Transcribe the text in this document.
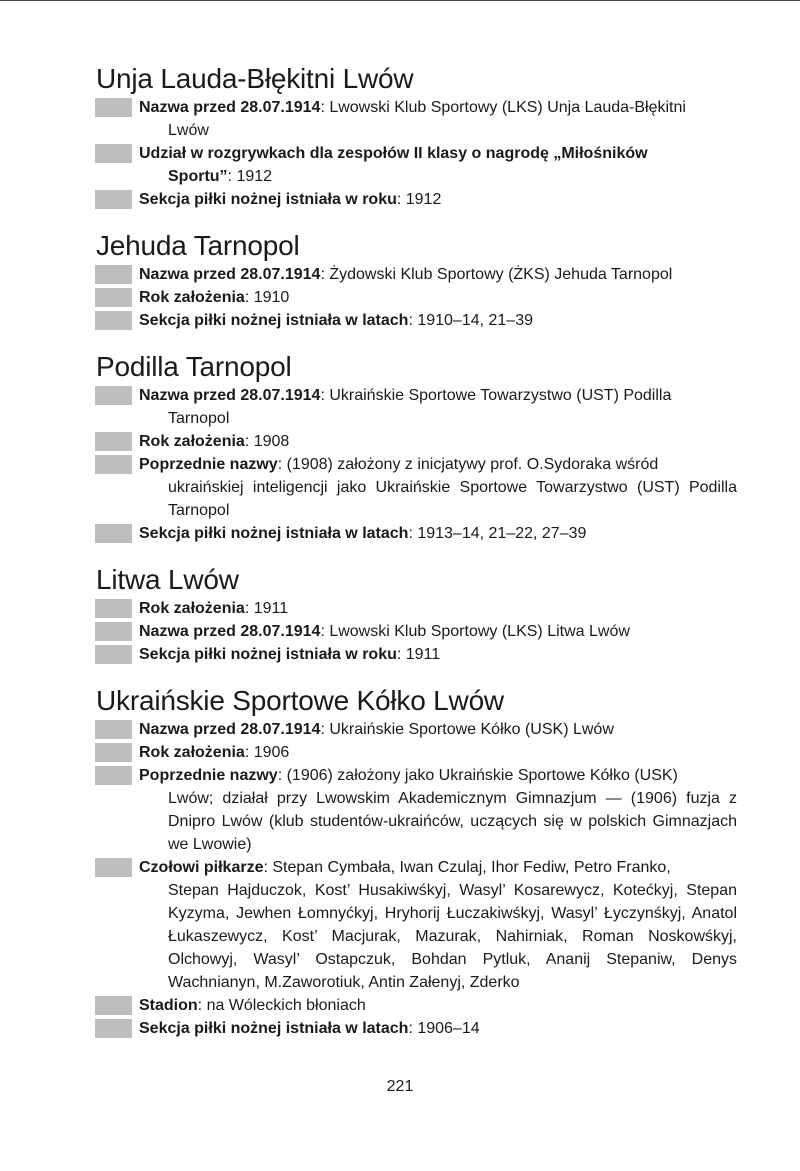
Unja Lauda-Błękitni Lwów
Nazwa przed 28.07.1914: Lwowski Klub Sportowy (LKS) Unja Lauda-Błękitni
Lwów
Udział w rozgrywkach dla zespołów II klasy o nagrodę „Miłośników
Sportu”: 1912
Sekcja piłki nożnej istniała w roku: 1912
Jehuda Tarnopol
Nazwa przed 28.07.1914: Żydowski Klub Sportowy (ŻKS) Jehuda Tarnopol
Rok założenia: 1910
Sekcja piłki nożnej istniała w latach: 1910–14, 21–39
Podilla Tarnopol
Nazwa przed 28.07.1914: Ukraińskie Sportowe Towarzystwo (UST) Podilla
Tarnopol
Rok założenia: 1908
Poprzednie nazwy: (1908) założony z inicjatywy prof. O.Sydoraka wśród
ukraińskiej inteligencji jako Ukraińskie Sportowe Towarzystwo (UST) Podilla Tarnopol
Sekcja piłki nożnej istniała w latach: 1913–14, 21–22, 27–39
Litwa Lwów
Rok założenia: 1911
Nazwa przed 28.07.1914: Lwowski Klub Sportowy (LKS) Litwa Lwów
Sekcja piłki nożnej istniała w roku: 1911
Ukraińskie Sportowe Kółko Lwów
Nazwa przed 28.07.1914: Ukraińskie Sportowe Kółko (USK) Lwów
Rok założenia: 1906
Poprzednie nazwy: (1906) założony jako Ukraińskie Sportowe Kółko (USK)
Lwów; działał przy Lwowskim Akademicznym Gimnazjum — (1906) fuzja z Dnipro Lwów (klub studentów-ukraińców, uczących się w polskich Gimnazjach we Lwowie)
Czołowi piłkarze: Stepan Cymbała, Iwan Czulaj, Ihor Fediw, Petro Franko,
Stepan Hajduczok, Kost’ Husakiwśkyj, Wasyl’ Kosarewycz, Kotećkyj, Stepan Kyzyma, Jewhen Łomnyćkyj, Hryhorij Łuczakiwśkyj, Wasyl’ Łyczynśkyj, Anatol Łukaszewycz, Kost’ Macjurak, Mazurak, Nahirniak, Roman Noskowśkyj, Olchowyj, Wasyl’ Ostapczuk, Bohdan Pytluk, Ananij Stepaniw, Denys Wachnianyn, M.Zaworotiuk, Antin Załenyj, Zderko
Stadion: na Wóleckich błoniach
Sekcja piłki nożnej istniała w latach: 1906–14
221
